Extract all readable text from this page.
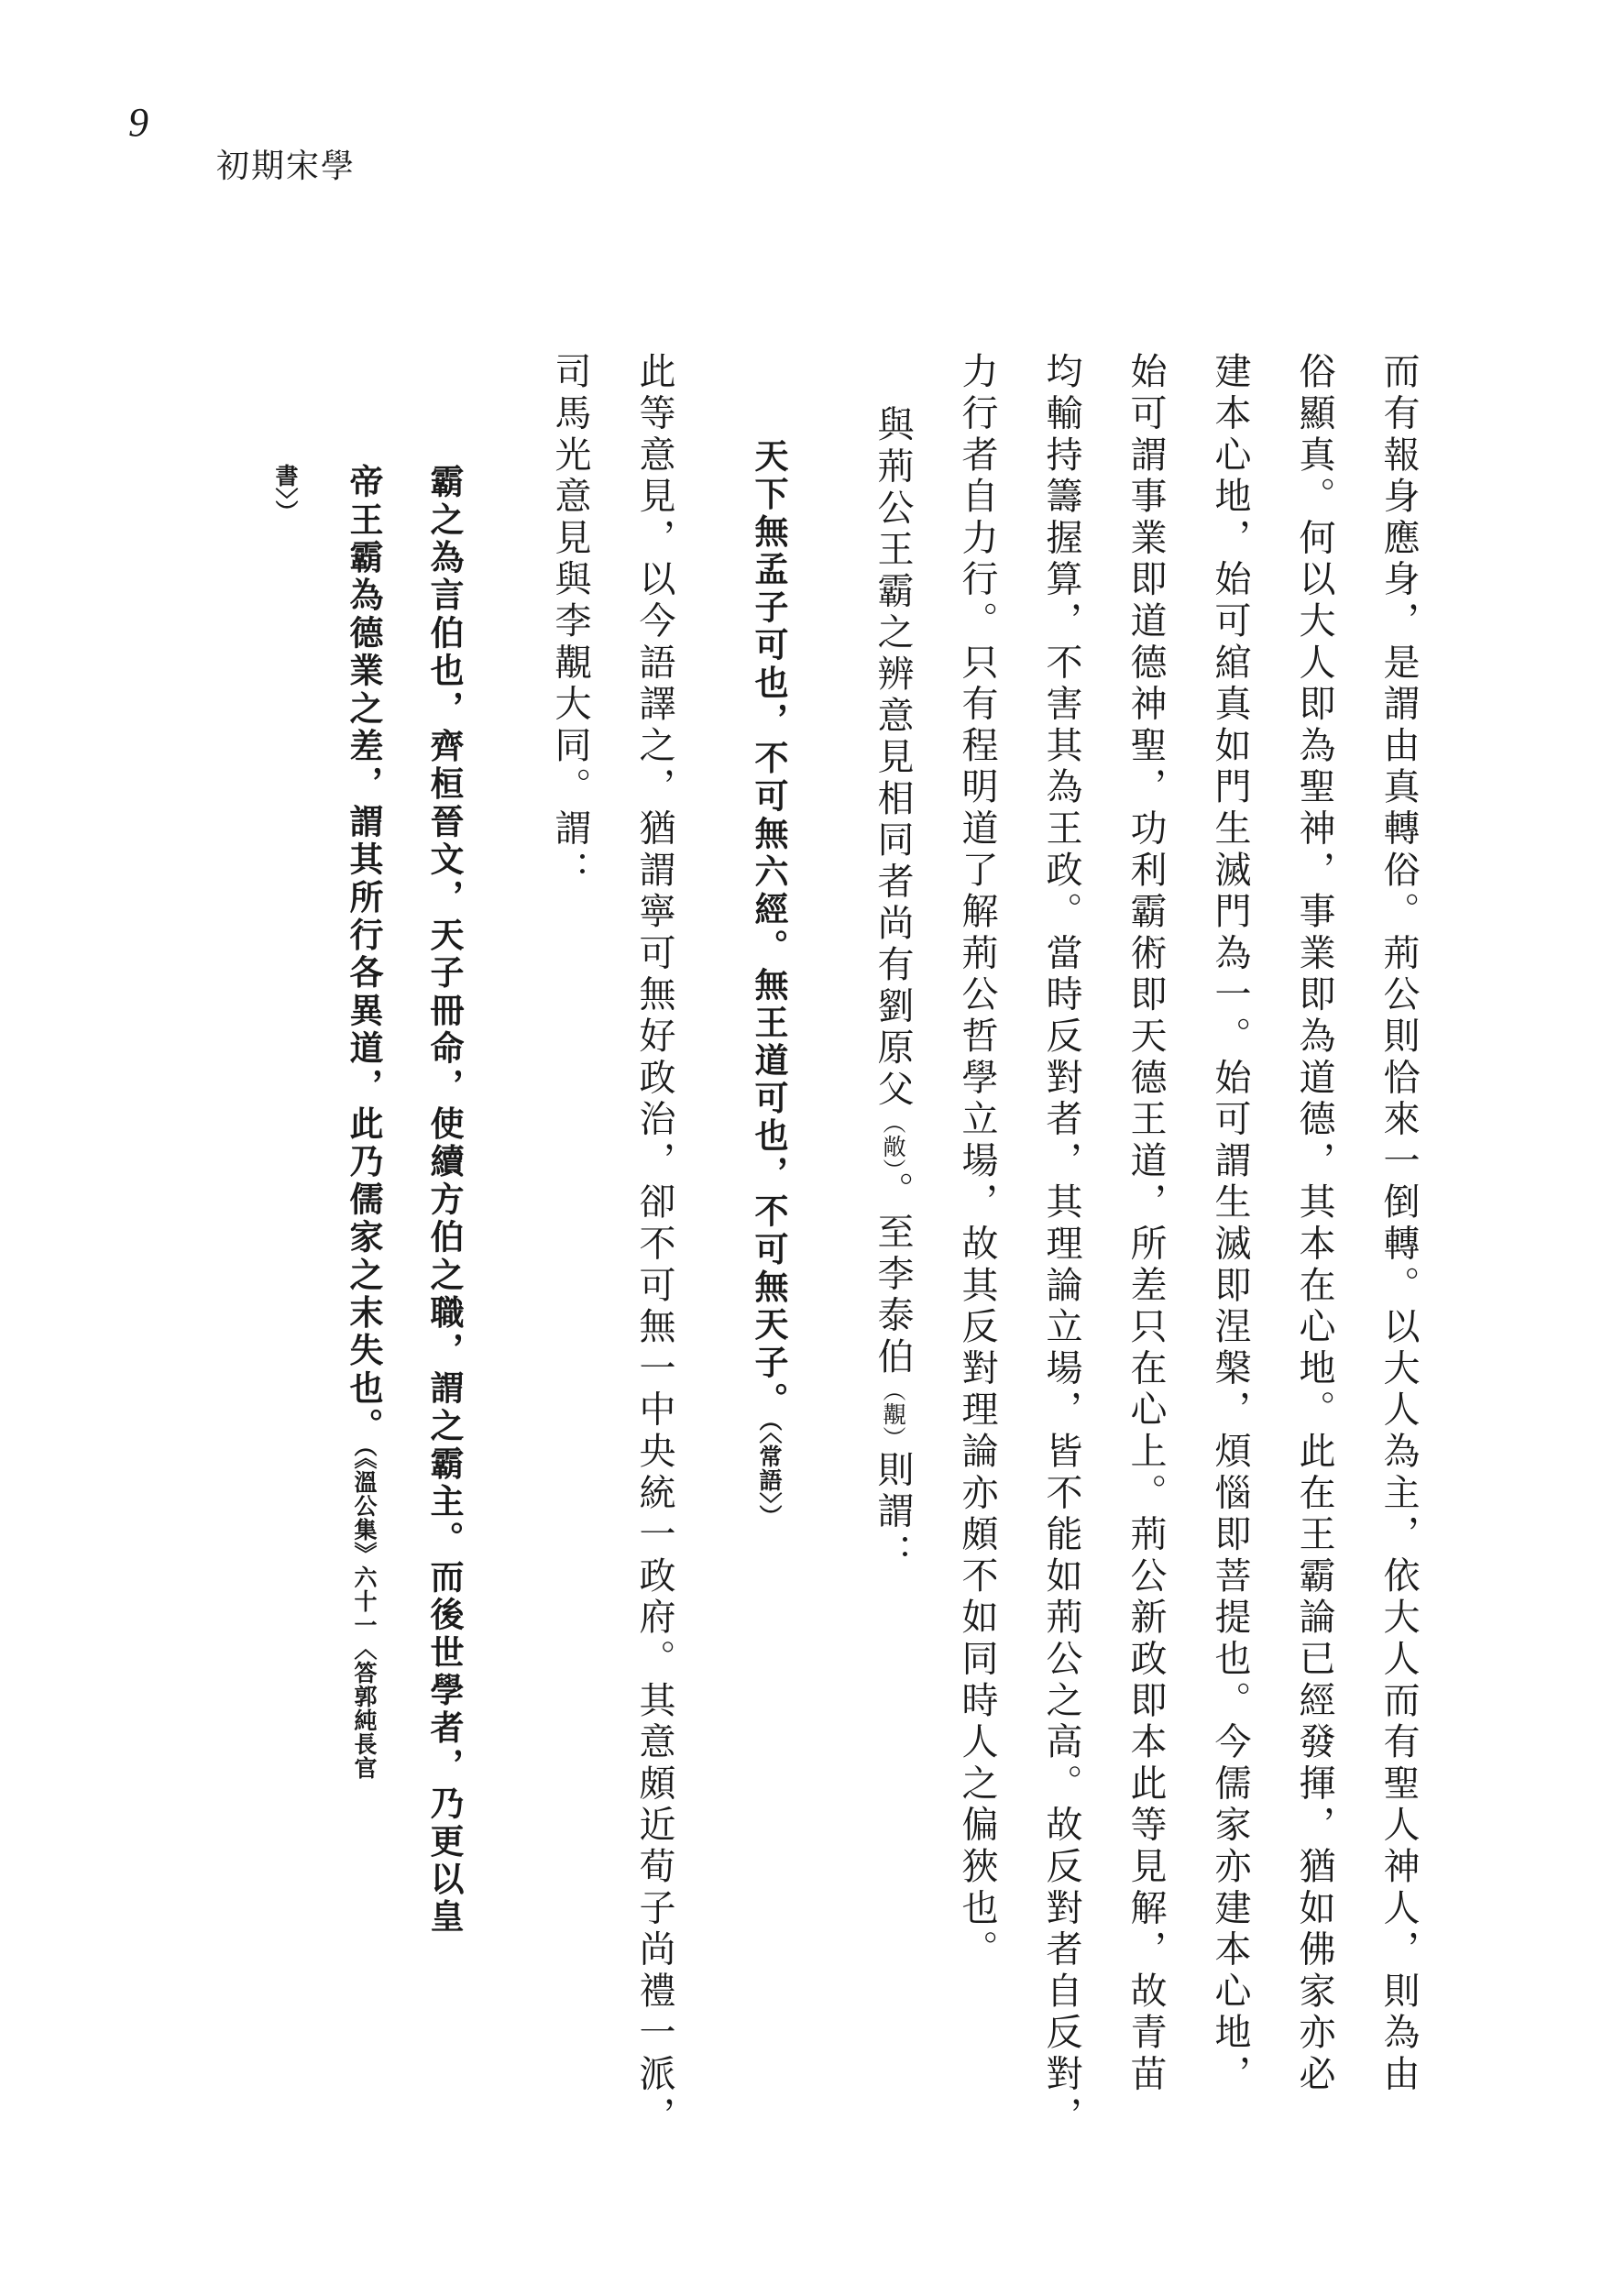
9
初期宋學
而有報身應身，是謂由真轉俗。荊公則恰來一倒轉。以大人為主，依大人而有聖人神人，則為由
俗顯真。何以大人即為聖神，事業即為道德，其本在心地。此在王霸論已經發揮，猶如佛家亦必
建本心地，始可綰真如門生滅門為一。始可謂生滅即涅槃，煩惱即菩提也。今儒家亦建本心地，
始可謂事業即道德神聖，功利霸術即天德王道，所差只在心上。荊公新政即本此等見解，故青苗
均輸持籌握算，不害其為王政。當時反對者，其理論立場，皆不能如荊公之高。故反對者自反對，
力行者自力行。只有程明道了解荊公哲學立場，故其反對理論亦頗不如同時人之偏狹也。
與荊公王霸之辨意見相同者尚有劉原父（敞）。至李泰伯（覯）則謂：
天下無孟子可也，不可無六經。無王道可也，不可無天子。（〈常語〉）
此等意見，以今語譯之，猶謂寧可無好政治，卻不可無一中央統一政府。其意頗近荀子尚禮一派，
司馬光意見與李覯大同。謂：
霸之為言伯也，齊桓晉文，天子冊命，使續方伯之職，謂之霸主。而後世學者，乃更以皇
帝王霸為德業之差，謂其所行各異道，此乃儒家之末失也。（《溫公集》六十一〈答郭純長官
書〉）
